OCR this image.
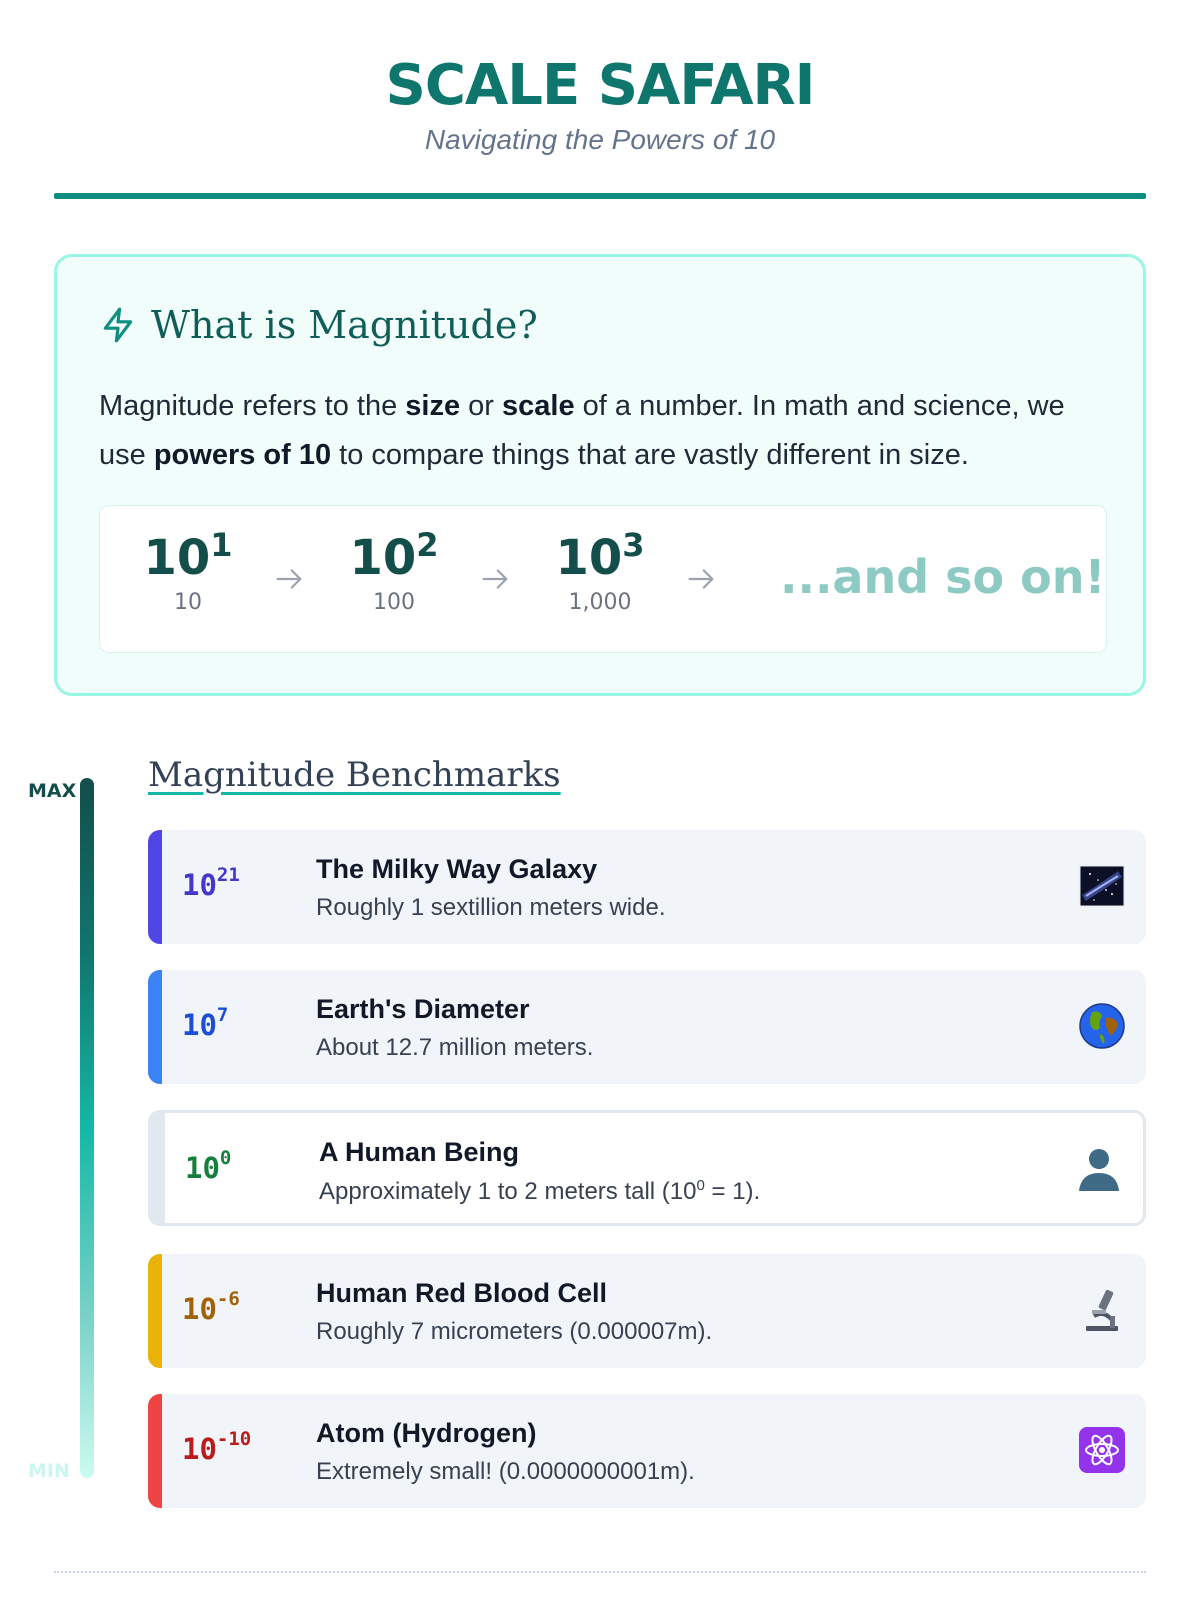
SCALE SAFARI
Navigating the Powers of 10
What is Magnitude?
Magnitude refers to the size or scale of a number. In math and science, we use powers of 10 to compare things that are vastly different in size.
$10^1$
10
$10^2$
100
$10^3$
1,000	...and so on!
MAX
MIN
Magnitude Benchmarks
$10^{21}$	The Milky Way Galaxy
Roughly 1 sextillion meters wide.
$10^7$	Earth's Diameter
About 12.7 million meters.
$10^0$	A Human Being
Approximately 1 to 2 meters tall $(10^0 = 1)$.
$10^{-6}$	Human Red Blood Cell
Roughly 7 micrometers (0.000007m).
$10^{-10}$ Atom (Hydrogen)
Extremely small! (0.0000000001m).
